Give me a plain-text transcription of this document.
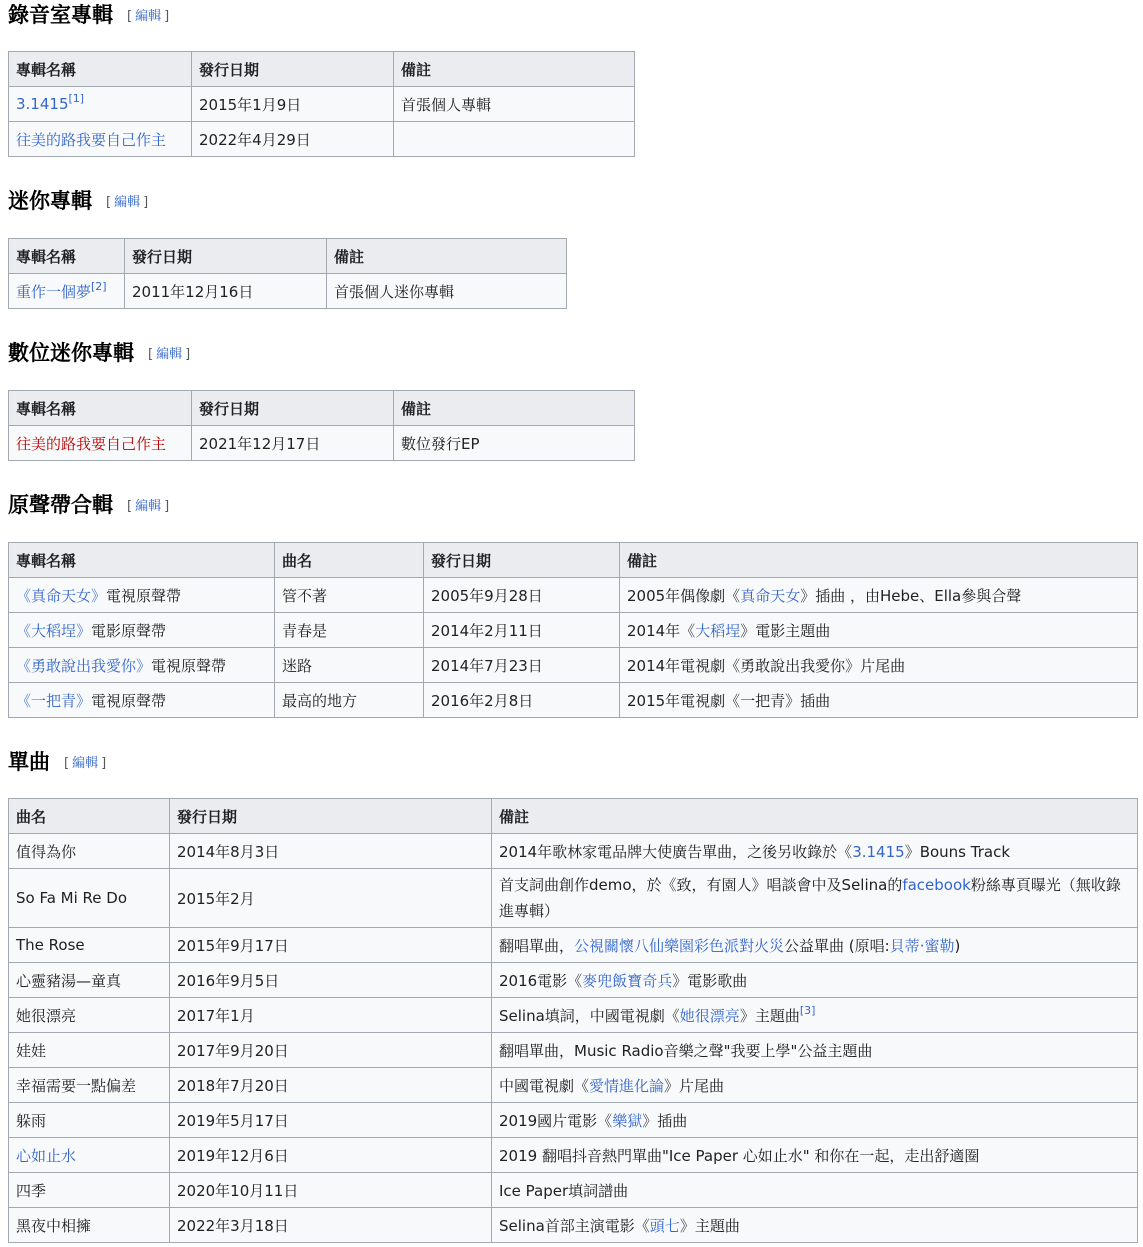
錄音室專輯 [ 編輯 ]
專輯名稱	發行日期	備註
3.1415[1]	2015年1月9日	首張個人專輯
往美的路我要自己作主	2022年4月29日	
迷你專輯 [ 編輯 ]
專輯名稱	發行日期	備註
重作一個夢[2]	2011年12月16日	首張個人迷你專輯
數位迷你專輯 [ 編輯 ]
專輯名稱	發行日期	備註
往美的路我要自己作主	2021年12月17日	數位發行EP
原聲帶合輯 [ 編輯 ]
專輯名稱	曲名	發行日期	備註
《真命天女》電視原聲帶	管不著	2005年9月28日	2005年偶像劇《真命天女》插曲 ，由Hebe、Ella參與合聲
《大稻埕》電影原聲帶	青春是	2014年2月11日	2014年《大稻埕》電影主題曲
《勇敢說出我愛你》電視原聲帶	迷路	2014年7月23日	2014年電視劇《勇敢說出我愛你》片尾曲
《一把青》電視原聲帶	最高的地方	2016年2月8日	2015年電視劇《一把青》插曲
單曲 [ 編輯 ]
曲名	發行日期	備註
值得為你	2014年8月3日	2014年歌林家電品牌大使廣告單曲，之後另收錄於《3.1415》Bouns Track
So Fa Mi Re Do	2015年2月	首支詞曲創作demo，於《致，有園人》唱談會中及Selina的facebook粉絲專頁曝光（無收錄進專輯）
The Rose	2015年9月17日	翻唱單曲，公視關懷八仙樂園彩色派對火災公益單曲 (原唱:貝蒂·蜜勒)
心靈豬湯—童真	2016年9月5日	2016電影《麥兜飯寶奇兵》電影歌曲
她很漂亮	2017年1月	Selina填詞，中國電視劇《她很漂亮》主題曲[3]
娃娃	2017年9月20日	翻唱單曲，Music Radio音樂之聲"我要上學"公益主題曲
幸福需要一點偏差	2018年7月20日	中國電視劇《愛情進化論》片尾曲
躲雨	2019年5月17日	2019國片電影《樂獄》插曲
心如止水	2019年12月6日	2019 翻唱抖音熱門單曲"Ice Paper 心如止水" 和你在一起，走出舒適圈
四季	2020年10月11日	Ice Paper填詞譜曲
黑夜中相擁	2022年3月18日	Selina首部主演電影《頭七》主題曲
